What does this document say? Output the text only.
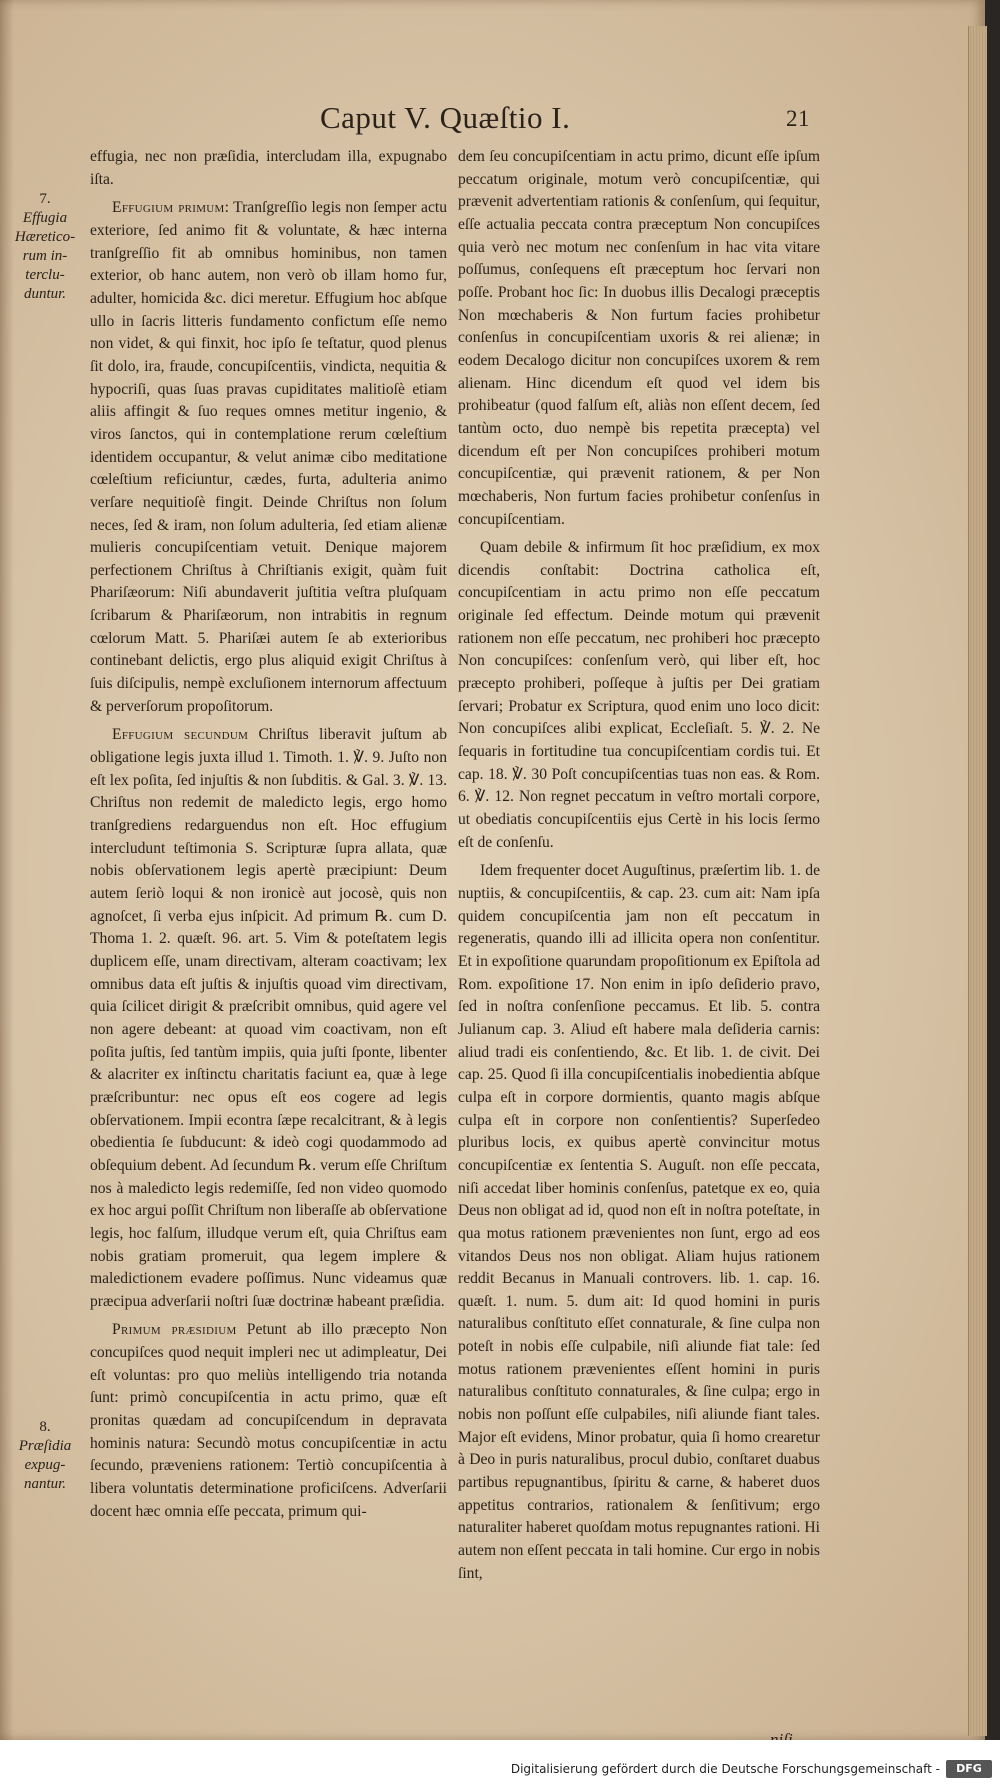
Caput V. Quæſtio I.	21
7.
Effugia Hæretico-rum in-terclu-duntur.
8.
Præſidia expug-nantur.

effugia, nec non præſidia, intercludam illa, expugnabo iſta.

Effugium primum: Tranſgreſſio legis non ſemper actu exteriore, ſed animo fit & voluntate, & hæc interna tranſgreſſio fit ab omnibus hominibus, non tamen exterior, ob hanc autem, non verò ob illam homo fur, adulter, homicida &c. dici meretur. Effugium hoc abſque ullo in ſacris litteris fundamento confictum eſſe nemo non videt, & qui finxit, hoc ipſo ſe teſtatur, quod plenus ſit dolo, ira, fraude, concupiſcentiis, vindicta, nequitia & hypocriſi, quas ſuas pravas cupiditates malitioſè etiam aliis affingit & ſuo reques omnes metitur ingenio, & viros ſanctos, qui in contemplatione rerum cœleſtium identidem occupantur, & velut animæ cibo meditatione cœleſtium reficiuntur, cædes, furta, adulteria animo verſare nequitioſè fingit. Deinde Chriſtus non ſolum neces, ſed & iram, non ſolum adulteria, ſed etiam alienæ mulieris concupiſcentiam vetuit. Denique majorem perfectionem Chriſtus à Chriſtianis exigit, quàm fuit Phariſæorum: Niſi abundaverit juſtitia veſtra pluſquam ſcribarum & Phariſæorum, non intrabitis in regnum cœlorum Matt. 5. Phariſæi autem ſe ab exterioribus continebant delictis, ergo plus aliquid exigit Chriſtus à ſuis diſcipulis, nempè excluſionem internorum affectuum & perverſorum propoſitorum.

Effugium secundum Chriſtus liberavit juſtum ab obligatione legis juxta illud 1. Timoth. 1. ℣. 9. Juſto non eſt lex poſita, ſed injuſtis & non ſubditis. & Gal. 3. ℣. 13. Chriſtus non redemit de maledicto legis, ergo homo tranſgrediens redarguendus non eſt. Hoc effugium intercludunt teſtimonia S. Scripturæ ſupra allata, quæ nobis obſervationem legis apertè præcipiunt: Deum autem ſeriò loqui & non ironicè aut jocosè, quis non agnoſcet, ſi verba ejus inſpicit. Ad primum ℞. cum D. Thoma 1. 2. quæſt. 96. art. 5. Vim & poteſtatem legis duplicem eſſe, unam directivam, alteram coactivam; lex omnibus data eſt juſtis & injuſtis quoad vim directivam, quia ſcilicet dirigit & præſcribit omnibus, quid agere vel non agere debeant: at quoad vim coactivam, non eſt poſita juſtis, ſed tantùm impiis, quia juſti ſponte, libenter & alacriter ex inſtinctu charitatis faciunt ea, quæ à lege præſcribuntur: nec opus eſt eos cogere ad legis obſervationem. Impii econtra ſæpe recalcitrant, & à legis obedientia ſe ſubducunt: & ideò cogi quodammodo ad obſequium debent. Ad ſecundum ℞. verum eſſe Chriſtum nos à maledicto legis redemiſſe, ſed non video quomodo ex hoc argui poſſit Chriſtum non liberaſſe ab obſervatione legis, hoc falſum, illudque verum eſt, quia Chriſtus eam nobis gratiam promeruit, qua legem implere & maledictionem evadere poſſimus. Nunc videamus quæ præcipua adverſarii noſtri ſuæ doctrinæ habeant præſidia.

Primum præsidium Petunt ab illo præcepto Non concupiſces quod nequit impleri nec ut adimpleatur, Dei eſt voluntas: pro quo meliùs intelligendo tria notanda ſunt: primò concupiſcentia in actu primo, quæ eſt pronitas quædam ad concupiſcendum in depravata hominis natura: Secundò motus concupiſcentiæ in actu ſecundo, præveniens rationem: Tertiò concupiſcentia à libera voluntatis determinatione proficiſcens. Adverſarii docent hæc omnia eſſe peccata, primum qui-

dem ſeu concupiſcentiam in actu primo, dicunt eſſe ipſum peccatum originale, motum verò concupiſcentiæ, qui prævenit advertentiam rationis & conſenſum, qui ſequitur, eſſe actualia peccata contra præceptum Non concupiſces quia verò nec motum nec conſenſum in hac vita vitare poſſumus, conſequens eſt præceptum hoc ſervari non poſſe. Probant hoc ſic: In duobus illis Decalogi præceptis Non mœchaberis & Non furtum facies prohibetur conſenſus in concupiſcentiam uxoris & rei alienæ; in eodem Decalogo dicitur non concupiſces uxorem & rem alienam. Hinc dicendum eſt quod vel idem bis prohibeatur (quod falſum eſt, aliàs non eſſent decem, ſed tantùm octo, duo nempè bis repetita præcepta) vel dicendum eſt per Non concupiſces prohiberi motum concupiſcentiæ, qui prævenit rationem, & per Non mœchaberis, Non furtum facies prohibetur conſenſus in concupiſcentiam.

Quam debile & infirmum ſit hoc præſidium, ex mox dicendis conſtabit: Doctrina catholica eſt, concupiſcentiam in actu primo non eſſe peccatum originale ſed effectum. Deinde motum qui prævenit rationem non eſſe peccatum, nec prohiberi hoc præcepto Non concupiſces: conſenſum verò, qui liber eſt, hoc præcepto prohiberi, poſſeque à juſtis per Dei gratiam ſervari; Probatur ex Scriptura, quod enim uno loco dicit: Non concupiſces alibi explicat, Eccleſiaſt. 5. ℣. 2. Ne ſequaris in fortitudine tua concupiſcentiam cordis tui. Et cap. 18. ℣. 30 Poſt concupiſcentias tuas non eas. & Rom. 6. ℣. 12. Non regnet peccatum in veſtro mortali corpore, ut obediatis concupiſcentiis ejus Certè in his locis ſermo eſt de conſenſu.

Idem frequenter docet Auguſtinus, præſertim lib. 1. de nuptiis, & concupiſcentiis, & cap. 23. cum ait: Nam ipſa quidem concupiſcentia jam non eſt peccatum in regeneratis, quando illi ad illicita opera non conſentitur. Et in expoſitione quarundam propoſitionum ex Epiſtola ad Rom. expoſitione 17. Non enim in ipſo deſiderio pravo, ſed in noſtra conſenſione peccamus. Et lib. 5. contra Julianum cap. 3. Aliud eſt habere mala deſideria carnis: aliud tradi eis conſentiendo, &c. Et lib. 1. de civit. Dei cap. 25. Quod ſi illa concupiſcentialis inobedientia abſque culpa eſt in corpore dormientis, quanto magis abſque culpa eſt in corpore non conſentientis? Superſedeo pluribus locis, ex quibus apertè convincitur motus concupiſcentiæ ex ſententia S. Auguſt. non eſſe peccata, niſi accedat liber hominis conſenſus, patetque ex eo, quia Deus non obligat ad id, quod non eſt in noſtra poteſtate, in qua motus rationem prævenientes non ſunt, ergo ad eos vitandos Deus nos non obligat. Aliam hujus rationem reddit Becanus in Manuali controvers. lib. 1. cap. 16. quæſt. 1. num. 5. dum ait: Id quod homini in puris naturalibus conſtituto eſſet connaturale, & ſine culpa non poteſt in nobis eſſe culpabile, niſi aliunde fiat tale: ſed motus rationem prævenientes eſſent homini in puris naturalibus conſtituto connaturales, & ſine culpa; ergo in nobis non poſſunt eſſe culpabiles, niſi aliunde fiant tales. Major eſt evidens, Minor probatur, quia ſi homo crearetur à Deo in puris naturalibus, procul dubio, conſtaret duabus partibus repugnantibus, ſpiritu & carne, & haberet duos appetitus contrarios, rationalem & ſenſitivum; ergo naturaliter haberet quoſdam motus repugnantes rationi. Hi autem non eſſent peccata in tali homine. Cur ergo in nobis ſint,

Digitalisierung gefördert durch die Deutsche Forschungsgemeinschaft -	DFG
